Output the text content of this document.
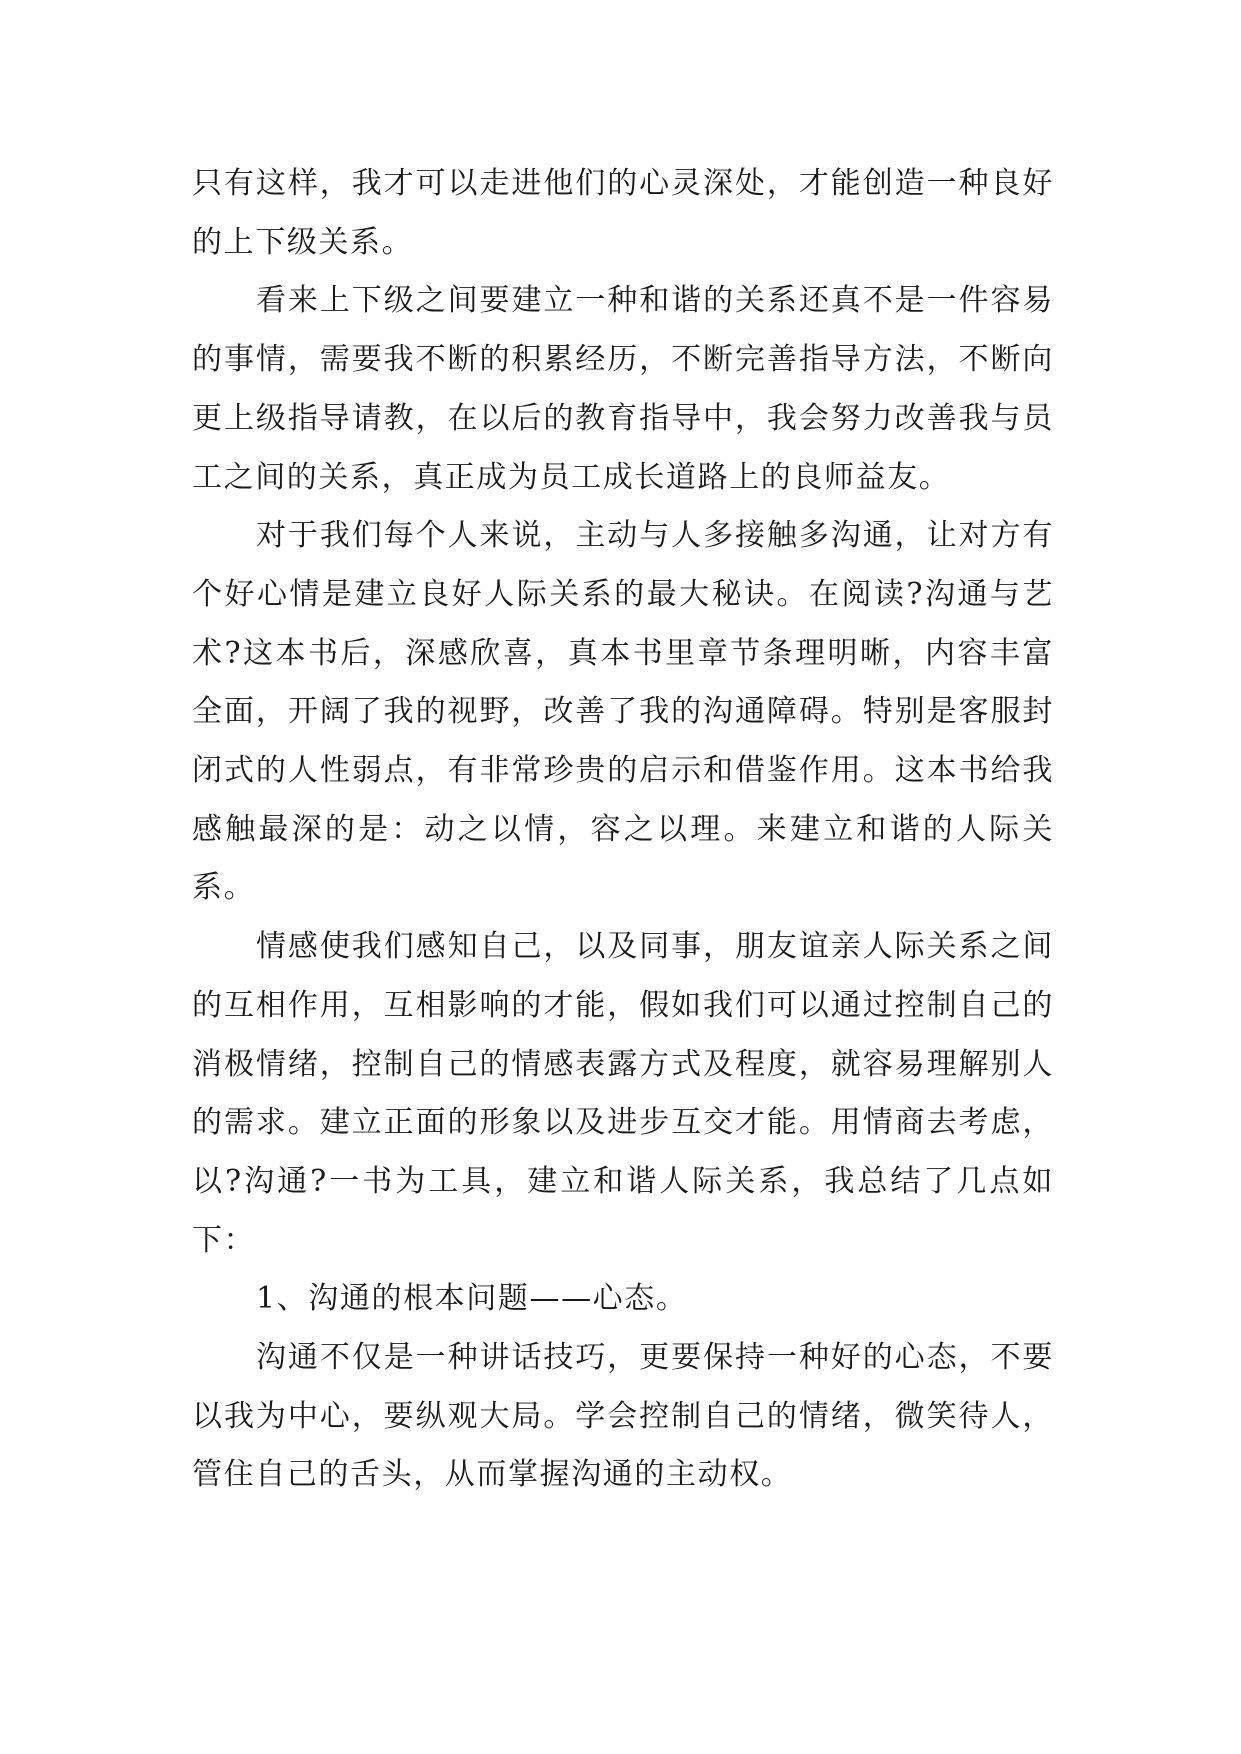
只有这样，我才可以走进他们的心灵深处，才能创造一种良好的上下级关系。

看来上下级之间要建立一种和谐的关系还真不是一件容易的事情，需要我不断的积累经历，不断完善指导方法，不断向更上级指导请教，在以后的教育指导中，我会努力改善我与员工之间的关系，真正成为员工成长道路上的良师益友。

对于我们每个人来说，主动与人多接触多沟通，让对方有个好心情是建立良好人际关系的最大秘诀。在阅读?沟通与艺术?这本书后，深感欣喜，真本书里章节条理明晰，内容丰富全面，开阔了我的视野，改善了我的沟通障碍。特别是客服封闭式的人性弱点，有非常珍贵的启示和借鉴作用。这本书给我感触最深的是：动之以情，容之以理。来建立和谐的人际关系。

情感使我们感知自己，以及同事，朋友谊亲人际关系之间的互相作用，互相影响的才能，假如我们可以通过控制自己的消极情绪，控制自己的情感表露方式及程度，就容易理解别人的需求。建立正面的形象以及进步互交才能。用情商去考虑，以?沟通?一书为工具，建立和谐人际关系，我总结了几点如下：

1、沟通的根本问题——心态。

沟通不仅是一种讲话技巧，更要保持一种好的心态，不要以我为中心，要纵观大局。学会控制自己的情绪，微笑待人，管住自己的舌头，从而掌握沟通的主动权。
